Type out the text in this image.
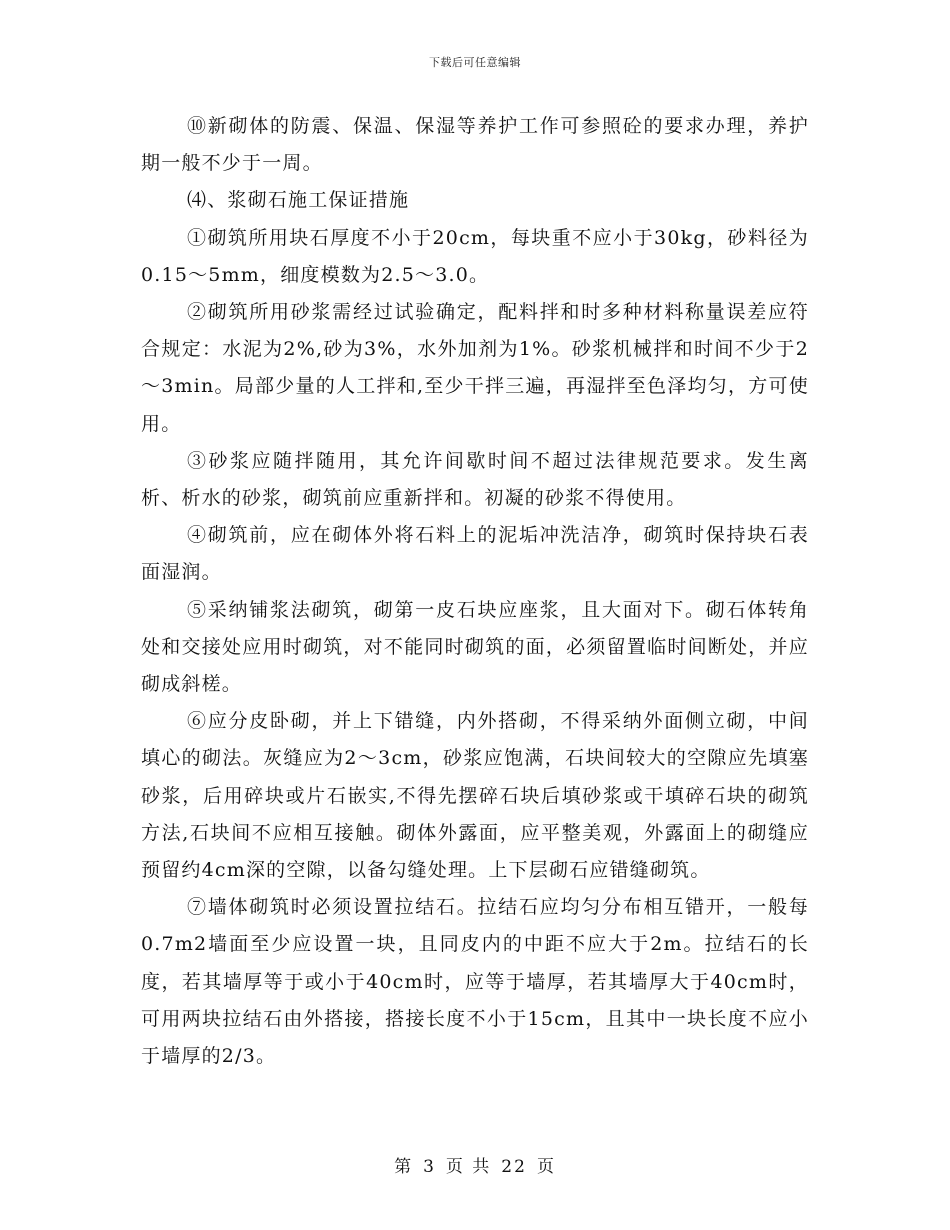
下载后可任意编辑

⑩新砌体的防震、保温、保湿等养护工作可参照砼的要求办理，养护期一般不少于一周。

⑷、浆砌石施工保证措施

①砌筑所用块石厚度不小于20cm，每块重不应小于30kg，砂料径为0.15～5mm，细度模数为2.5～3.0。

②砌筑所用砂浆需经过试验确定，配料拌和时多种材料称量误差应符合规定：水泥为2%,砂为3%，水外加剂为1%。砂浆机械拌和时间不少于2～3min。局部少量的人工拌和,至少干拌三遍，再湿拌至色泽均匀，方可使用。

③砂浆应随拌随用，其允许间歇时间不超过法律规范要求。发生离析、析水的砂浆，砌筑前应重新拌和。初凝的砂浆不得使用。

④砌筑前，应在砌体外将石料上的泥垢冲洗洁净，砌筑时保持块石表面湿润。

⑤采纳铺浆法砌筑，砌第一皮石块应座浆，且大面对下。砌石体转角处和交接处应用时砌筑，对不能同时砌筑的面，必须留置临时间断处，并应砌成斜槎。

⑥应分皮卧砌，并上下错缝，内外搭砌，不得采纳外面侧立砌，中间填心的砌法。灰缝应为2～3cm，砂浆应饱满，石块间较大的空隙应先填塞砂浆，后用碎块或片石嵌实,不得先摆碎石块后填砂浆或干填碎石块的砌筑方法,石块间不应相互接触。砌体外露面，应平整美观，外露面上的砌缝应预留约4cm深的空隙，以备勾缝处理。上下层砌石应错缝砌筑。

⑦墙体砌筑时必须设置拉结石。拉结石应均匀分布相互错开，一般每0.7m2墙面至少应设置一块，且同皮内的中距不应大于2m。拉结石的长度，若其墙厚等于或小于40cm时，应等于墙厚，若其墙厚大于40cm时，可用两块拉结石由外搭接，搭接长度不小于15cm，且其中一块长度不应小于墙厚的2/3。

第 3 页 共 22 页
